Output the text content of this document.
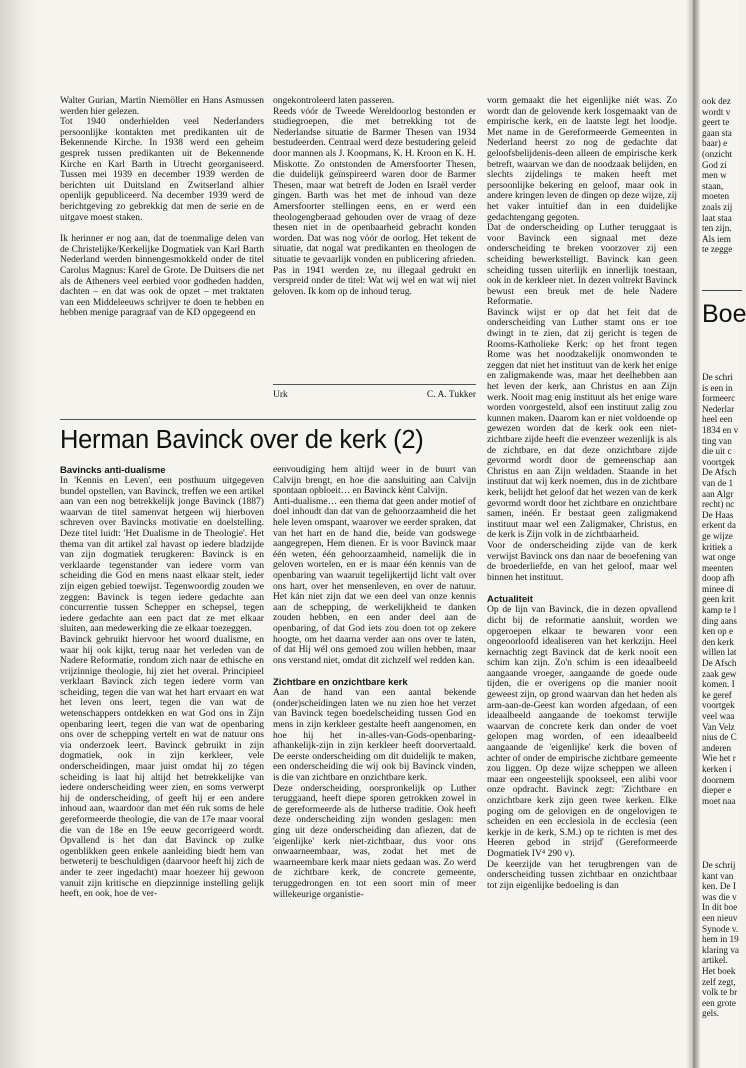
Walter Gurian, Martin Niemöller en Hans Asmussen werden hier gelezen.

Tot 1940 onderhielden veel Nederlanders persoonlijke kontakten met predikanten uit de Bekennende Kirche. In 1938 werd een geheim gesprek tussen predikanten uit de Bekennende Kirche en Karl Barth in Utrecht georganiseerd. Tussen mei 1939 en december 1939 werden de berichten uit Duitsland en Zwitserland alhier openlijk gepubliceerd. Na december 1939 werd de berichtgeving zo gebrekkig dat men de serie en de uitgave moest staken.

Ik herinner er nog aan, dat de toenmalige delen van de Christelijke/Kerkelijke Dogmatiek van Karl Barth Nederland werden binnengesmokkeld onder de titel Carolus Magnus: Karel de Grote. De Duitsers die net als de Atheners veel eerbied voor godheden hadden, dachten – en dat was ook de opzet – met traktaten van een Middeleeuws schrijver te doen te hebben en hebben menige paragraaf van de KD opgegeend en

ongekontroleerd laten passeren.

Reeds vóór de Tweede Wereldoorlog bestonden er studiegroepen, die met betrekking tot de Nederlandse situatie de Barmer Thesen van 1934 bestudeerden. Centraal werd deze bestudering geleid door mannen als J. Koopmans, K. H. Kroon en K. H. Miskotte. Zo ontstonden de Amersfoorter Thesen, die duidelijk geïnspireerd waren door de Barmer Thesen, maar wat betreft de Joden en Israël verder gingen. Barth was het met de inhoud van deze Amersfoorter stellingen eens, en er werd een theologengberaad gehouden over de vraag of deze thesen niet in de openbaarheid gebracht konden worden. Dat was nog vóór de oorlog. Het tekent de situatie, dat nogal wat predikanten en theologen de situatie te gevaarlijk vonden en publicering afrieden. Pas in 1941 werden ze, nu illegaal gedrukt en verspreid onder de titel: Wat wij wel en wat wij niet geloven. Ik kom op de inhoud terug.

Urk	C. A. Tukker
Herman Bavinck over de kerk (2)

Bavincks anti-dualisme

In 'Kennis en Leven', een posthuum uitgegeven bundel opstellen, van Bavinck, treffen we een artikel aan van een nog betrekkelijk jonge Bavinck (1887) waarvan de titel samenvat hetgeen wij hierboven schreven over Bavincks motivatie en doelstelling. Deze titel luidt: 'Het Dualisme in de Theologie'. Het thema van dit artikel zal havast op iedere bladzijde van zijn dogmatiek terugkeren: Bavinck is en verklaarde tegenstander van iedere vorm van scheiding die God en mens naast elkaar stelt, ieder zijn eigen gebied toewijst. Tegenwoordig zouden we zeggen: Bavinck is tegen iedere gedachte aan concurrentie tussen Schepper en schepsel, tegen iedere gedachte aan een pact dat ze met elkaar sluiten, aan medewerking die ze elkaar toezeggen.

Bavinck gebruikt hiervoor het woord dualisme, en waar hij ook kijkt, terug naar het verleden van de Nadere Reformatie, rondom zich naar de ethische en vrijzinnige theologie, hij ziet het overal. Principieel verklaart Bavinck zich tegen iedere vorm van scheiding, tegen die van wat het hart ervaart en wat het leven ons leert, tegen die van wat de wetenschappers ontdekken en wat God ons in Zijn openbaring leert, tegen die van wat de openbaring ons over de schepping vertelt en wat de natuur ons via onderzoek leert. Bavinck gebruikt in zijn dogmatiek, ook in zijn kerkleer, vele onderscheidingen, maar juist omdat hij zo tégen scheiding is laat hij altijd het betrekkelijke van iedere onderscheiding weer zien, en soms verwerpt hij de onderscheiding, of geeft hij er een andere inhoud aan, waardoor dan met één ruk soms de hele gereformeerde theologie, die van de 17e maar vooral die van de 18e en 19e eeuw gecorrigeerd wordt. Opvallend is het dan dat Bavinck op zulke ogenblikken geen enkele aanleiding biedt hem van betweterij te beschuldigen (daarvoor heeft hij zich de ander te zeer ingedacht) maar hoezeer hij gewoon vanuit zijn kritische en diepzinnige instelling gelijk heeft, en ook, hoe de ver-

eenvoudiging hem altijd weer in de buurt van Calvijn brengt, en hoe die aansluiting aan Calvijn spontaan opbloeit… en Bavinck kènt Calvijn.

Anti-dualisme… een thema dat geen ander motief of doel inhoudt dan dat van de gehoorzaamheid die het hele leven omspant, waarover we eerder spraken, dat van het hart en de hand die, beide van godswege aangegrepen, Hem dienen. Er is voor Bavinck maar één weten, één gehoorzaamheid, namelijk die in geloven wortelen, en er is maar één kennis van de openbaring van waaruit tegelijkertijd licht valt over ons hart, over het mensenleven, en over de natuur. Het kán niet zijn dat we een deel van onze kennis aan de schepping, de werkelijkheid te danken zouden hebben, en een ander deel aan de openbaring, of dat God iets zou doen tot op zekere hoogte, om het daarna verder aan ons over te laten, of dat Hij wél ons gemoed zou willen hebben, maar ons verstand niet, omdat dit zichzelf wel redden kan.

Zichtbare en onzichtbare kerk

Aan de hand van een aantal bekende (onder)scheidingen laten we nu zien hoe het verzet van Bavinck tegen boedelscheiding tussen God en mens in zijn kerkleer gestalte heeft aangenomen, en hoe hij het in-alles-van-Gods-openbaring-afhankelijk-zijn in zijn kerkleer heeft doorvertaald. De eerste onderscheiding om dit duidelijk te maken, een onderscheiding die wij ook bij Bavinck vinden, is die van zichtbare en onzichtbare kerk.

Deze onderscheiding, oorspronkelijk op Luther teruggaand, heeft diepe sporen getrokken zowel in de gereformeerde als de lutherse traditie. Ook heeft deze onderscheiding zijn wonden geslagen: men ging uit deze onderscheiding dan afiezen, dat de 'eigenlijke' kerk niet-zichtbaar, dus voor ons onwaarneembaar, was, zodat het met de waarneembare kerk maar niets gedaan was. Zo werd de zichtbare kerk, de concrete gemeente, teruggedrongen en tot een soort min of meer willekeurige organistie-

vorm gemaakt die het eigenlijke niét was. Zo wordt dan de gelovende kerk losgemaakt van de empirische kerk, en de laatste legt het loodje. Met name in de Gereformeerde Gemeenten in Nederland heerst zo nog de gedachte dat geloofsbelijdenis-deen alleen de empirische kerk betreft, waarvan we dan de noodzaak belijden, en slechts zijdelings te maken heeft met persoonlijke bekering en geloof, maar ook in andere kringen leven de dingen op deze wijze, zij het vaker intuïtief dan in een duidelijke gedachtengang gegoten.

Dat de onderscheiding op Luther teruggaat is voor Bavinck een signaal met deze onderscheiding te breken voorzover zij een scheiding bewerkstelligt. Bavinck kan geen scheiding tussen uiterlijk en innerlijk toestaan, ook in de kerkleer niet. In dezen voltrekt Bavinck bewust een breuk met de hele Nadere Reformatie.

Bavinck wijst er op dat het feit dat de onderscheiding van Luther stamt ons er toe dwingt in te zien, dat zij gericht is tegen de Rooms-Katholieke Kerk: op het front tegen Rome was het noodzakelijk onomwonden te zeggen dat niet het instituut van de kerk het enige en zaligmakende was, maar het deelhebben aan het leven der kerk, aan Christus en aan Zijn werk. Nooit mag enig instituut als het enige ware worden voorgesteld, alsof een instituut zalig zou kunnen maken. Daarom kan er niet voldoende op gewezen worden dat de kerk ook een niet-zichtbare zijde heeft die evenzeer wezenlijk is als de zichtbare, en dat deze onzichtbare zijde gevormd wordt door de gemeenschap aan Christus en aan Zijn weldaden. Staande in het instituut dat wij kerk noemen, dus in de zichtbare kerk, belijdt het geloof dat het wezen van de kerk gevormd wordt door het zichtbare en onzichtbare samen, inéén. Er bestaat geen zaligmakend instituut maar wel een Zaligmaker, Christus, en de kerk is Zijn volk in de zichtbaarheid.

Voor de onderscheiding zijde van de kerk verwijst Bavinck ons dan naar de beoefening van de broederliefde, en van het geloof, maar wel binnen het instituut.

Actualiteit

Op de lijn van Bavinck, die in dezen opvallend dicht bij de reformatie aansluit, worden we opgeroepen elkaar te bewaren voor een ongeoorloofd idealiseren van het kerkzijn. Heel kernachtig zegt Bavinck dat de kerk nooit een schim kan zijn. Zo'n schim is een ideaalbeeld aangaande vroeger, aangaande de goede oude tijden, die er overigens op die manier nooit geweest zijn, op grond waarvan dan het heden als arm-aan-de-Geest kan worden afgedaan, of een ideaalbeeld aangaande de toekomst terwijle waarvan de concrete kerk dan onder de voet gelopen mag worden, of een ideaalbeeld aangaande de 'eigenlijke' kerk die boven of achter of onder de empirische zichtbare gemeente zou liggen. Op deze wijze scheppen we alleen maar een ongeestelijk spookseel, een alibi voor onze opdracht. Bavinck zegt: 'Zichtbare en onzichtbare kerk zijn geen twee kerken. Elke poging om de gelovigen en de ongelovigen te scheiden en een ecclesiola in de ecclesia (een kerkje in de kerk, S.M.) op te richten is met des Heeren gebod in strijd' (Gereformeerde Dogmatiek IV⁴ 290 v).

De keerzijde van het terugbrengen van de onderscheiding tussen zichtbaar en onzichtbaar tot zijn eigenlijke bedoeling is dan

ook dez
wordt v
geert te
gaan sta
baar) e
(onzicht
God zi
men w
staan,
moeten
zoals zij
laat staa
ten zijn.
Als iem
te zegge
Boe
De schri
is een in
formeerc
Nederlar
heel een
1834 en v
ting van
die uit c
voortgek
De Afsch
van de 1
aan Algr
recht) nc
De Haas
erkent da
ge wijze
kritiek a
wat onge
meenten
doop afh
minee di
geen krit
kamp te l
ding aans
ken op e
den kerk
willen lat
De Afsch
zaak gew
komen. I
ke geref
voortgek
veel waa
Van Velz
nius de C
anderen
Wie het r
kerken i
doornem
dieper e
moet naa
De schrij
kant van
ken. De I
was die v
In dit boe
een nieuv
Synode v.
hem in 19
klaring va
artikel.
Het boek
zelf zegt,
volk te br
een grote
gels.
